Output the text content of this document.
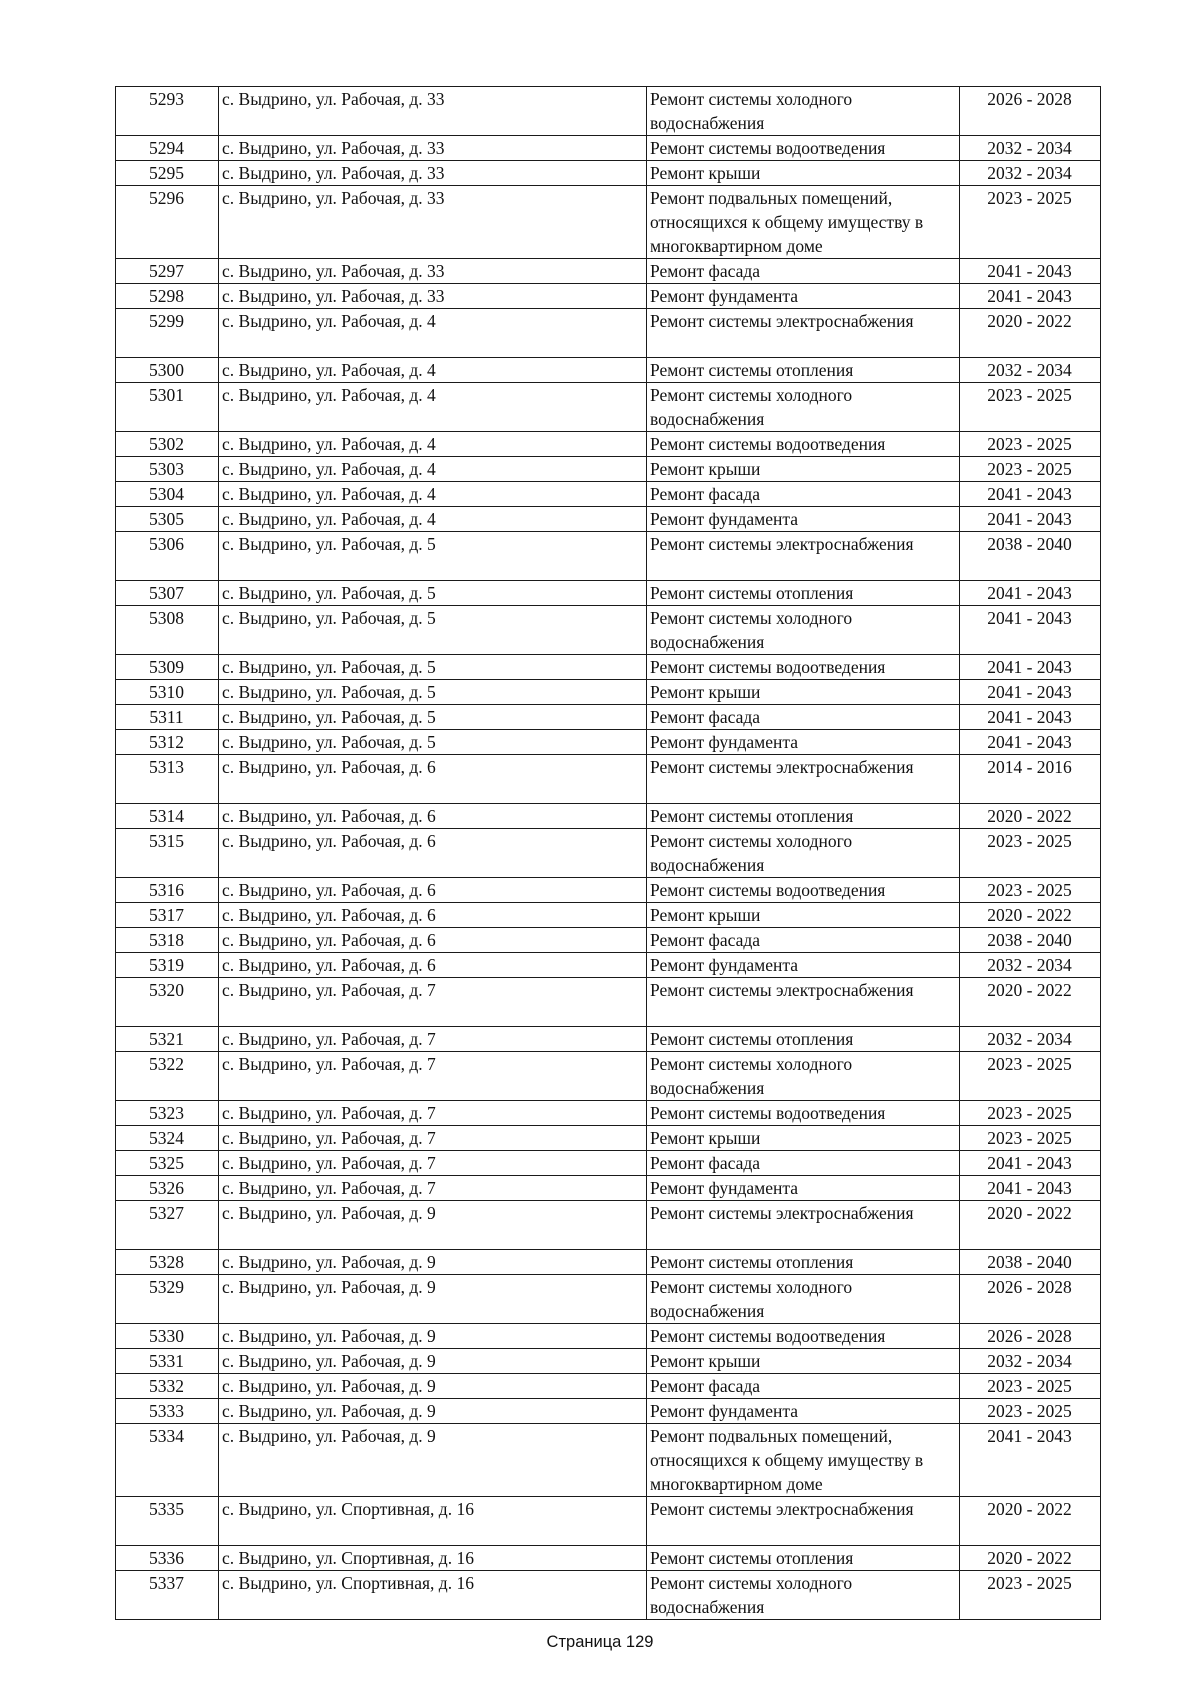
5293	с. Выдрино, ул. Рабочая, д. 33	Ремонт системы холодного
водоснабжения	2026 - 2028
5294	с. Выдрино, ул. Рабочая, д. 33	Ремонт системы водоотведения	2032 - 2034
5295	с. Выдрино, ул. Рабочая, д. 33	Ремонт крыши	2032 - 2034
5296	с. Выдрино, ул. Рабочая, д. 33	Ремонт подвальных помещений,
относящихся к общему имуществу в
многоквартирном доме	2023 - 2025
5297	с. Выдрино, ул. Рабочая, д. 33	Ремонт фасада	2041 - 2043
5298	с. Выдрино, ул. Рабочая, д. 33	Ремонт фундамента	2041 - 2043
5299	с. Выдрино, ул. Рабочая, д. 4	Ремонт системы электроснабжения	2020 - 2022
5300	с. Выдрино, ул. Рабочая, д. 4	Ремонт системы отопления	2032 - 2034
5301	с. Выдрино, ул. Рабочая, д. 4	Ремонт системы холодного
водоснабжения	2023 - 2025
5302	с. Выдрино, ул. Рабочая, д. 4	Ремонт системы водоотведения	2023 - 2025
5303	с. Выдрино, ул. Рабочая, д. 4	Ремонт крыши	2023 - 2025
5304	с. Выдрино, ул. Рабочая, д. 4	Ремонт фасада	2041 - 2043
5305	с. Выдрино, ул. Рабочая, д. 4	Ремонт фундамента	2041 - 2043
5306	с. Выдрино, ул. Рабочая, д. 5	Ремонт системы электроснабжения	2038 - 2040
5307	с. Выдрино, ул. Рабочая, д. 5	Ремонт системы отопления	2041 - 2043
5308	с. Выдрино, ул. Рабочая, д. 5	Ремонт системы холодного
водоснабжения	2041 - 2043
5309	с. Выдрино, ул. Рабочая, д. 5	Ремонт системы водоотведения	2041 - 2043
5310	с. Выдрино, ул. Рабочая, д. 5	Ремонт крыши	2041 - 2043
5311	с. Выдрино, ул. Рабочая, д. 5	Ремонт фасада	2041 - 2043
5312	с. Выдрино, ул. Рабочая, д. 5	Ремонт фундамента	2041 - 2043
5313	с. Выдрино, ул. Рабочая, д. 6	Ремонт системы электроснабжения	2014 - 2016
5314	с. Выдрино, ул. Рабочая, д. 6	Ремонт системы отопления	2020 - 2022
5315	с. Выдрино, ул. Рабочая, д. 6	Ремонт системы холодного
водоснабжения	2023 - 2025
5316	с. Выдрино, ул. Рабочая, д. 6	Ремонт системы водоотведения	2023 - 2025
5317	с. Выдрино, ул. Рабочая, д. 6	Ремонт крыши	2020 - 2022
5318	с. Выдрино, ул. Рабочая, д. 6	Ремонт фасада	2038 - 2040
5319	с. Выдрино, ул. Рабочая, д. 6	Ремонт фундамента	2032 - 2034
5320	с. Выдрино, ул. Рабочая, д. 7	Ремонт системы электроснабжения	2020 - 2022
5321	с. Выдрино, ул. Рабочая, д. 7	Ремонт системы отопления	2032 - 2034
5322	с. Выдрино, ул. Рабочая, д. 7	Ремонт системы холодного
водоснабжения	2023 - 2025
5323	с. Выдрино, ул. Рабочая, д. 7	Ремонт системы водоотведения	2023 - 2025
5324	с. Выдрино, ул. Рабочая, д. 7	Ремонт крыши	2023 - 2025
5325	с. Выдрино, ул. Рабочая, д. 7	Ремонт фасада	2041 - 2043
5326	с. Выдрино, ул. Рабочая, д. 7	Ремонт фундамента	2041 - 2043
5327	с. Выдрино, ул. Рабочая, д. 9	Ремонт системы электроснабжения	2020 - 2022
5328	с. Выдрино, ул. Рабочая, д. 9	Ремонт системы отопления	2038 - 2040
5329	с. Выдрино, ул. Рабочая, д. 9	Ремонт системы холодного
водоснабжения	2026 - 2028
5330	с. Выдрино, ул. Рабочая, д. 9	Ремонт системы водоотведения	2026 - 2028
5331	с. Выдрино, ул. Рабочая, д. 9	Ремонт крыши	2032 - 2034
5332	с. Выдрино, ул. Рабочая, д. 9	Ремонт фасада	2023 - 2025
5333	с. Выдрино, ул. Рабочая, д. 9	Ремонт фундамента	2023 - 2025
5334	с. Выдрино, ул. Рабочая, д. 9	Ремонт подвальных помещений,
относящихся к общему имуществу в
многоквартирном доме	2041 - 2043
5335	с. Выдрино, ул. Спортивная, д. 16	Ремонт системы электроснабжения	2020 - 2022
5336	с. Выдрино, ул. Спортивная, д. 16	Ремонт системы отопления	2020 - 2022
5337	с. Выдрино, ул. Спортивная, д. 16	Ремонт системы холодного
водоснабжения	2023 - 2025
Страница 129
